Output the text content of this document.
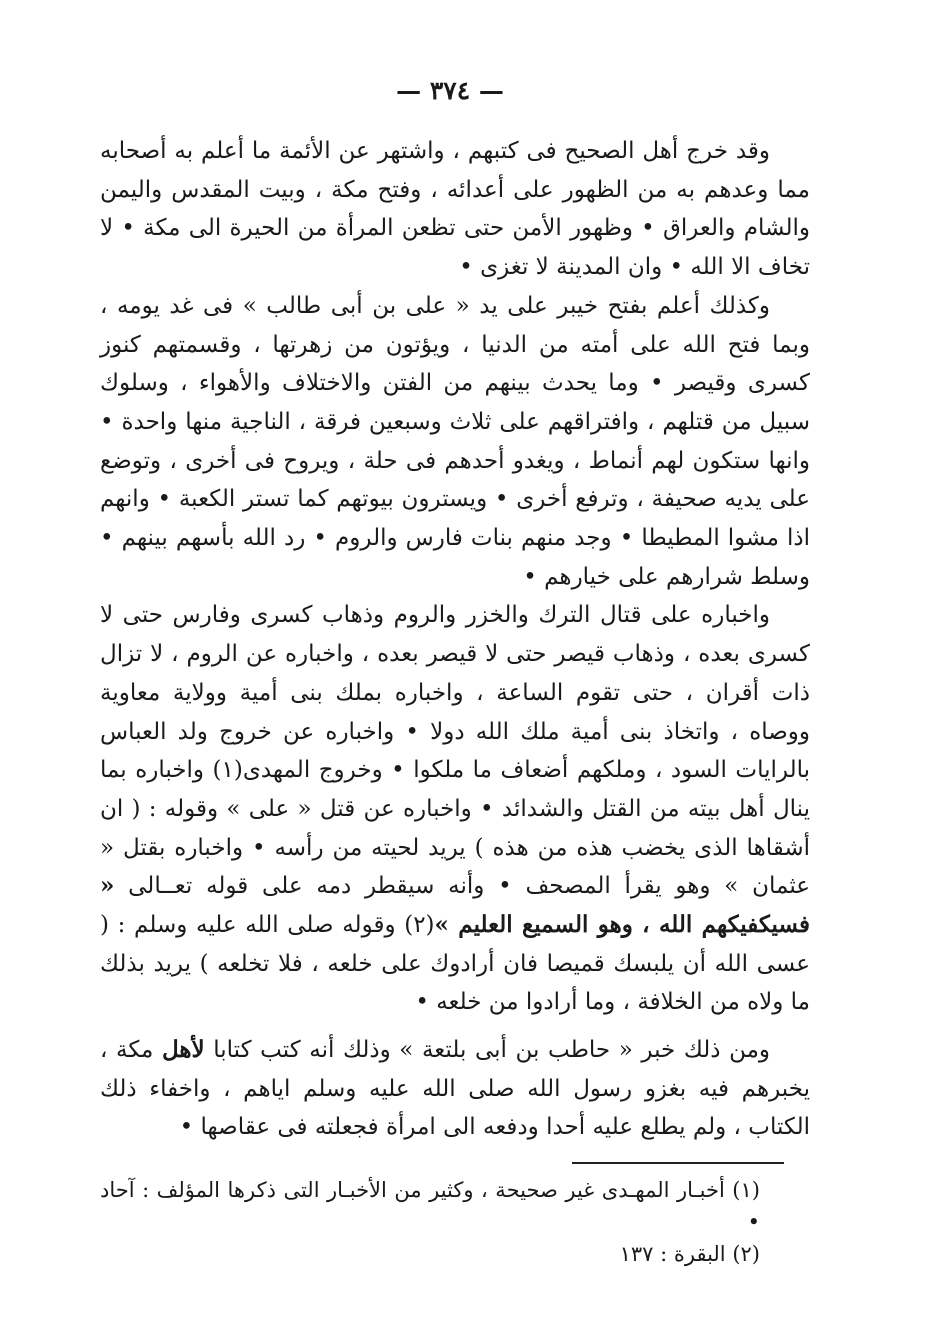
— ٣٧٤ —

وقد خرج أهل الصحيح فى كتبهم ، واشتهر عن الأئمة ما أعلم به أصحابه مما وعدهم به من الظهور على أعدائه ، وفتح مكة ، وبيت المقدس واليمن والشام والعراق • وظهور الأمن حتى تظعن المرأة من الحيرة الى مكة • لا تخاف الا الله • وان المدينة لا تغزى •

وكذلك أعلم بفتح خيبر على يد « على بن أبى طالب » فى غد يومه ، وبما فتح الله على أمته من الدنيا ، ويؤتون من زهرتها ، وقسمتهم كنوز كسرى وقيصر • وما يحدث بينهم من الفتن والاختلاف والأهواء ، وسلوك سبيل من قتلهم ، وافتراقهم على ثلاث وسبعين فرقة ، الناجية منها واحدة • وانها ستكون لهم أنماط ، ويغدو أحدهم فى حلة ، ويروح فى أخرى ، وتوضع على يديه صحيفة ، وترفع أخرى • ويسترون بيوتهم كما تستر الكعبة • وانهم اذا مشوا المطيطا • وجد منهم بنات فارس والروم • رد الله بأسهم بينهم • وسلط شرارهم على خيارهم •

واخباره على قتال الترك والخزر والروم وذهاب كسرى وفارس حتى لا كسرى بعده ، وذهاب قيصر حتى لا قيصر بعده ، واخباره عن الروم ، لا تزال ذات أقران ، حتى تقوم الساعة ، واخباره بملك بنى أمية وولاية معاوية ووصاه ، واتخاذ بنى أمية ملك الله دولا • واخباره عن خروج ولد العباس بالرايات السود ، وملكهم أضعاف ما ملكوا • وخروج المهدى(١) واخباره بما ينال أهل بيته من القتل والشدائد • واخباره عن قتل « على » وقوله : ( ان أشقاها الذى يخضب هذه من هذه ) يريد لحيته من رأسه • واخباره بقتل « عثمان » وهو يقرأ المصحف • وأنه سيقطر دمه على قوله تعــالى « فسيكفيكهم الله ، وهو السميع العليم »(٢) وقوله صلى الله عليه وسلم : ( عسى الله أن يلبسك قميصا فان أرادوك على خلعه ، فلا تخلعه ) يريد بذلك ما ولاه من الخلافة ، وما أرادوا من خلعه •

ومن ذلك خبر « حاطب بن أبى بلتعة » وذلك أنه كتب كتابا لأهل مكة ، يخبرهم فيه بغزو رسول الله صلى الله عليه وسلم اياهم ، واخفاء ذلك الكتاب ، ولم يطلع عليه أحدا ودفعه الى امرأة فجعلته فى عقاصها •

(١) أخبـار المهـدى غير صحيحة ، وكثير من الأخبـار التى ذكرها المؤلف : آحاد •
(٢) البقرة : ١٣٧
